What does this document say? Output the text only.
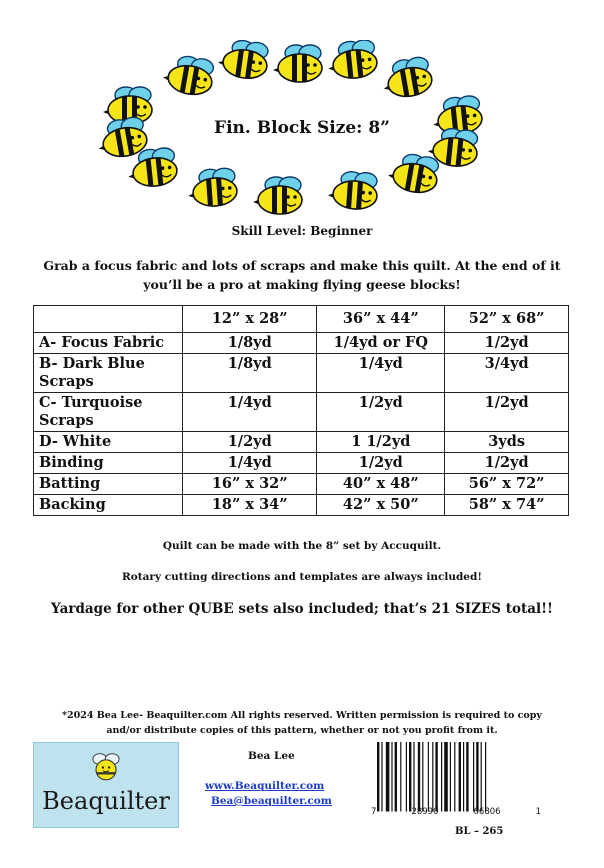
Fin. Block Size: 8”
Skill Level: Beginner
Grab a focus fabric and lots of scraps and make this quilt. At the end of it
you’ll be a pro at making flying geese blocks!
	12” x 28”	36” x 44”	52” x 68”
A- Focus Fabric	1/8yd	1/4yd or FQ	1/2yd
B- Dark Blue
Scraps	1/8yd	1/4yd	3/4yd
C- Turquoise
Scraps	1/4yd	1/2yd	1/2yd
D- White	1/2yd	1 1/2yd	3yds
Binding	1/4yd	1/2yd	1/2yd
Batting	16” x 32”	40” x 48”	56” x 72”
Backing	18” x 34”	42” x 50”	58” x 74”
Quilt can be made with the 8” set by Accuquilt.
Rotary cutting directions and templates are always included!
Yardage for other QUBE sets also included; that’s 21 SIZES total!!
*2024 Bea Lee- Beaquilter.com All rights reserved. Written permission is required to copy
and/or distribute copies of this pattern, whether or not you profit from it.
Beaquilter
Bea Lee
www.Beaquilter.com
Bea@beaquilter.com
7	28990	66806	1
BL – 265
